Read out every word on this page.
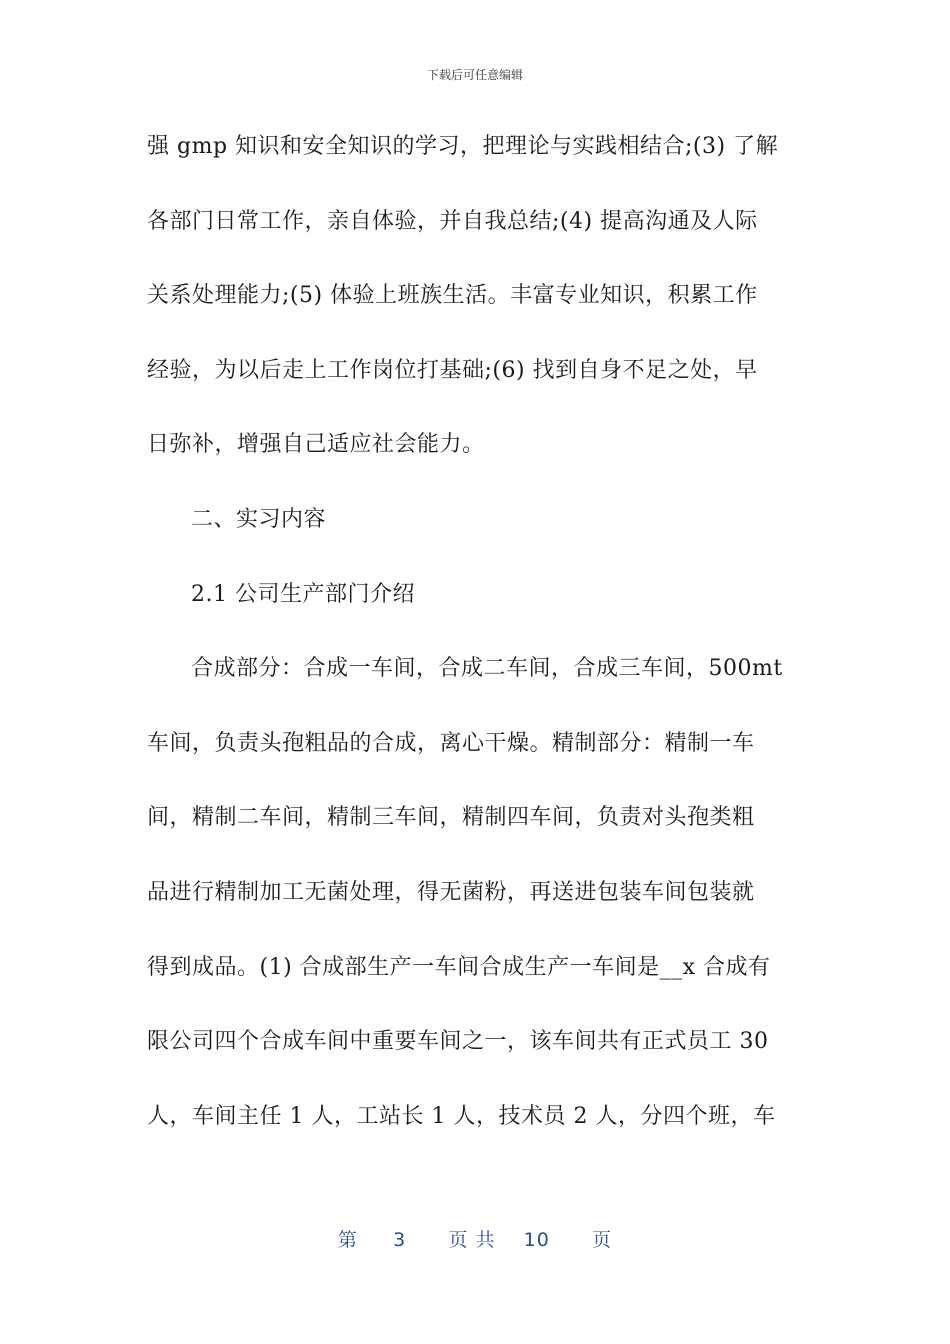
下载后可任意编辑
强 gmp 知识和安全知识的学习，把理论与实践相结合;(3) 了解
各部门日常工作，亲自体验，并自我总结;(4) 提高沟通及人际
关系处理能力;(5) 体验上班族生活。丰富专业知识，积累工作
经验，为以后走上工作岗位打基础;(6) 找到自身不足之处，早
日弥补，增强自己适应社会能力。
二、实习内容
2.1 公司生产部门介绍
合成部分：合成一车间，合成二车间，合成三车间，500mt
车间，负责头孢粗品的合成，离心干燥。精制部分：精制一车
间，精制二车间，精制三车间，精制四车间，负责对头孢类粗
品进行精制加工无菌处理，得无菌粉，再送进包装车间包装就
得到成品。(1) 合成部生产一车间合成生产一车间是__x 合成有
限公司四个合成车间中重要车间之一，该车间共有正式员工 30
人，车间主任 1 人，工站长 1 人，技术员 2 人，分四个班，车
第 3 页 共 10 页
